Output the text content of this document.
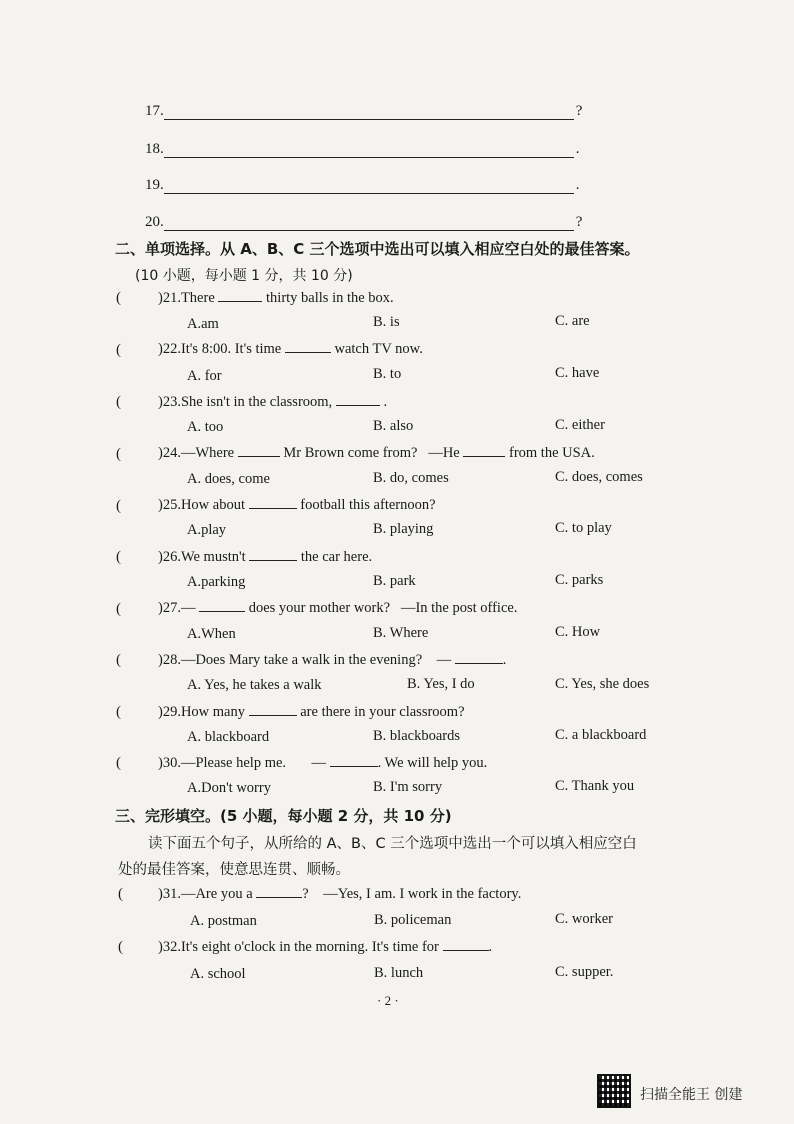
17.	?
18.	.
19.	.
20.	?
二、单项选择。从 A、B、C 三个选项中选出可以填入相应空白处的最佳答案。
(10 小题，每小题 1 分，共 10 分)
(	)21.There	thirty balls in the box.
A.am	B. is	C. are
(	)22.It's 8:00. It's time	watch TV now.
A. for	B. to	C. have
(	)23.She isn't in the classroom,	.
A. too	B. also	C. either
(	)24.—Where	Mr Brown come from? —He	from the USA.
A. does, come	B. do, comes	C. does, comes
(	)25.How about	football this afternoon?
A.play	B. playing	C. to play
(	)26.We mustn't	the car here.
A.parking	B. park	C. parks
(	)27.—	does your mother work? —In the post office.
A.When	B. Where	C. How
(	)28.—Does Mary take a walk in the evening? —	.
A. Yes, he takes a walk	B. Yes, I do	C. Yes, she does
(	)29.How many	are there in your classroom?
A. blackboard	B. blackboards	C. a blackboard
(	)30.—Please help me. —	. We will help you.
A.Don't worry	B. I'm sorry	C. Thank you
三、完形填空。(5 小题，每小题 2 分，共 10 分)
读下面五个句子，从所给的 A、B、C 三个选项中选出一个可以填入相应空白
处的最佳答案，使意思连贯、顺畅。
( )31.—Are you a	? —Yes, I am. I work in the factory.
A. postman	B. policeman	C. worker
( )32.It's eight o'clock in the morning. It's time for	.
A. school	B. lunch	C. supper.
· 2 ·
扫描全能王 创建
